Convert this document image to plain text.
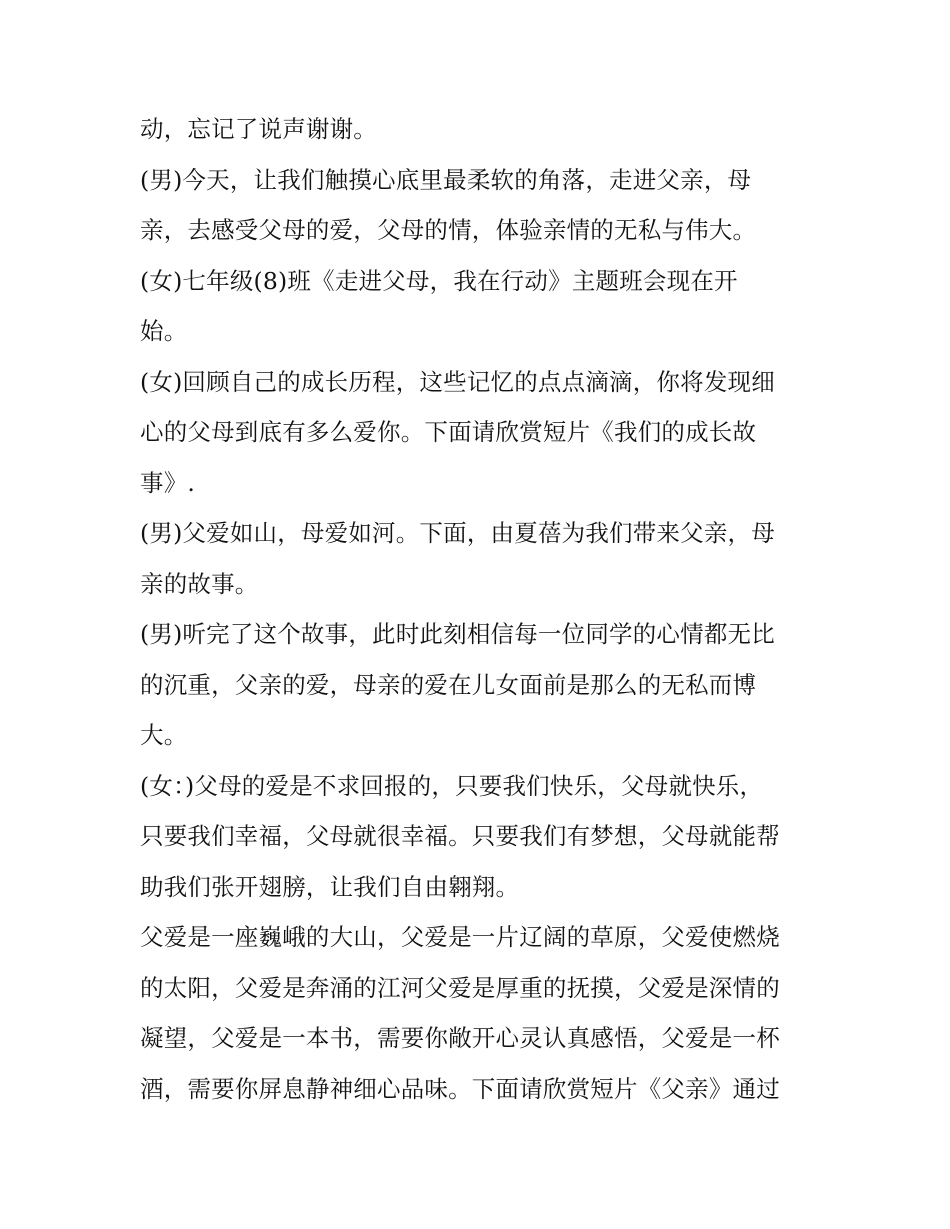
动，忘记了说声谢谢。
(男)今天，让我们触摸心底里最柔软的角落，走进父亲，母
亲，去感受父母的爱，父母的情，体验亲情的无私与伟大。
(女)七年级(8)班《走进父母，我在行动》主题班会现在开
始。
(女)回顾自己的成长历程，这些记忆的点点滴滴，你将发现细
心的父母到底有多么爱你。下面请欣赏短片《我们的成长故
事》.
(男)父爱如山，母爱如河。下面，由夏蓓为我们带来父亲，母
亲的故事。
(男)听完了这个故事，此时此刻相信每一位同学的心情都无比
的沉重，父亲的爱，母亲的爱在儿女面前是那么的无私而博
大。
(女：)父母的爱是不求回报的，只要我们快乐，父母就快乐，
只要我们幸福，父母就很幸福。只要我们有梦想，父母就能帮
助我们张开翅膀，让我们自由翱翔。
父爱是一座巍峨的大山，父爱是一片辽阔的草原，父爱使燃烧
的太阳，父爱是奔涌的江河父爱是厚重的抚摸，父爱是深情的
凝望，父爱是一本书，需要你敞开心灵认真感悟，父爱是一杯
酒，需要你屏息静神细心品味。下面请欣赏短片《父亲》通过
